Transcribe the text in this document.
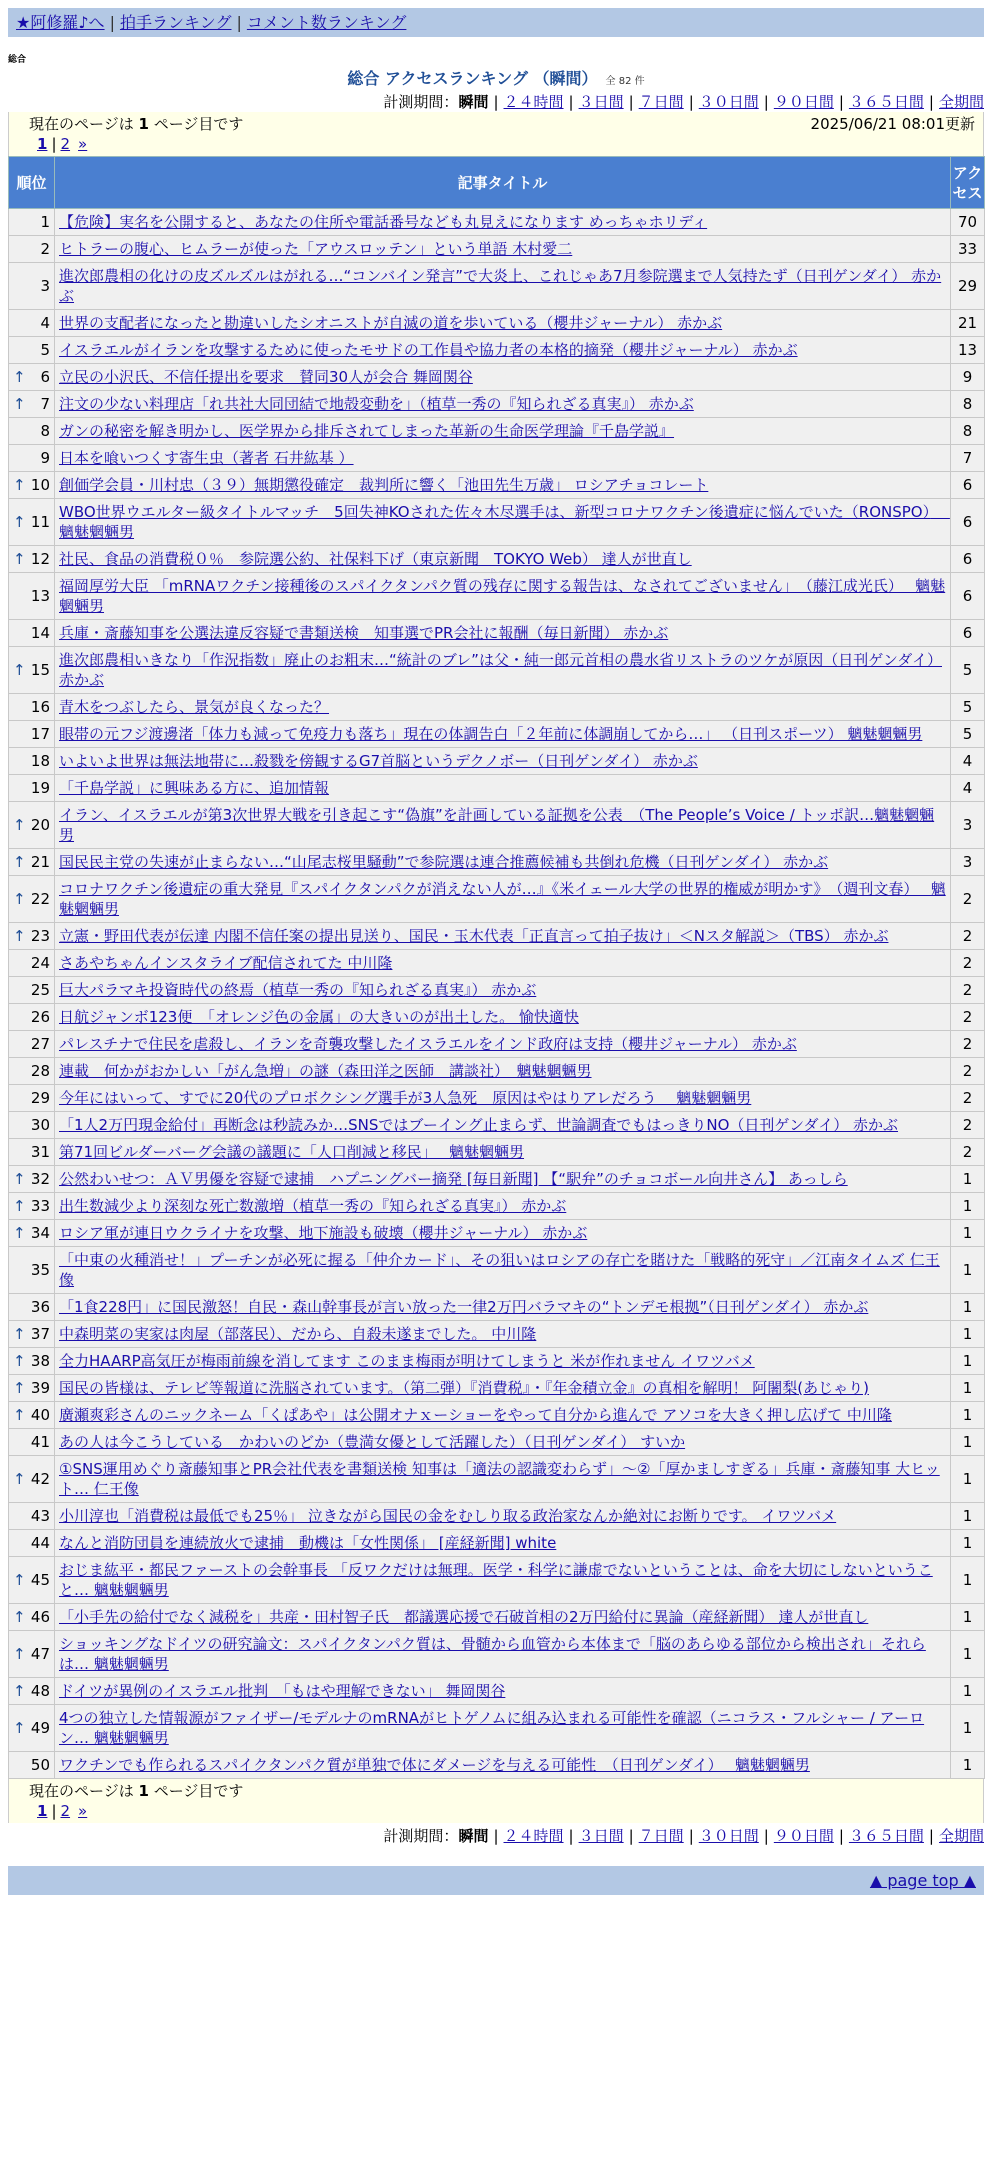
★阿修羅♪へ | 拍手ランキング | コメント数ランキング
総合
総合 アクセスランキング （瞬間） 全 82 件
計測期間：瞬間 | ２４時間 | ３日間 | ７日間 | ３０日間 | ９０日間 | ３６５日間 | 全期間
現在のページは 1 ページ目です	2025/06/21 08:01更新
1 | 2 »
順位	記事タイトル	アクセス
1	【危険】実名を公開すると、あなたの住所や電話番号なども丸見えになります めっちゃホリディ	70
2	ヒトラーの腹心、ヒムラーが使った「アウスロッテン」という単語 木村愛二	33
3	進次郎農相の化けの皮ズルズルはがれる…“コンバイン発言”で大炎上、これじゃあ7月参院選まで人気持たず（日刊ゲンダイ） 赤かぶ	29
4	世界の支配者になったと勘違いしたシオニストが自滅の道を歩いている（櫻井ジャーナル） 赤かぶ	21
5	イスラエルがイランを攻撃するために使ったモサドの工作員や協力者の本格的摘発（櫻井ジャーナル） 赤かぶ	13

↑ 6	立民の小沢氏、不信任提出を要求　賛同30人が会合 舞岡関谷	9

↑ 7	注文の少ない料理店「れ共社大同団結で地殻変動を」（植草一秀の『知られざる真実』） 赤かぶ	8
8	ガンの秘密を解き明かし、医学界から排斥されてしまった革新の生命医学理論『千島学説』	8
9	日本を喰いつくす寄生虫（著者 石井紘基 ）	7

↑ 10	創価学会員・川村忠（３９）無期懲役確定　裁判所に響く「池田先生万歳」 ロシアチョコレート	6

↑ 11	WBO世界ウエルター級タイトルマッチ　5回失神KOされた佐々木尽選手は、新型コロナワクチン後遺症に悩んでいた（RONSPO）　 魑魅魍魎男	6

↑ 12	社民、食品の消費税０％　参院選公約、社保料下げ（東京新聞　TOKYO Web） 達人が世直し	6
13	福岡厚労大臣 「mRNAワクチン接種後のスパイクタンパク質の残存に関する報告は、なされてございません」　（藤江成光氏）　 魑魅魍魎男	6
14	兵庫・斎藤知事を公選法違反容疑で書類送検　知事選でPR会社に報酬（毎日新聞） 赤かぶ	6

↑ 15	進次郎農相いきなり「作況指数」廃止のお粗末…“統計のブレ”は父・純一郎元首相の農水省リストラのツケが原因（日刊ゲンダイ） 赤かぶ	5
16	青木をつぶしたら、景気が良くなった？	5
17	眼帯の元フジ渡邊渚「体力も減って免疫力も落ち」現在の体調告白「２年前に体調崩してから…」 （日刊スポーツ） 魑魅魍魎男	5
18	いよいよ世界は無法地帯に…殺戮を傍観するG7首脳というデクノボー（日刊ゲンダイ） 赤かぶ	4
19	「千島学説」に興味ある方に、追加情報	4

↑ 20	イラン、イスラエルが第3次世界大戦を引き起こす“偽旗”を計画している証拠を公表　（The People’s Voice / トッポ訳…魑魅魍魎男	3

↑ 21	国民民主党の失速が止まらない…“山尾志桜里騒動”で参院選は連合推薦候補も共倒れ危機（日刊ゲンダイ） 赤かぶ	3

↑ 22	コロナワクチン後遺症の重大発見『スパイクタンパクが消えない人が…』《米イェール大学の世界的権威が明かす》　（週刊文春）　 魑魅魍魎男	2

↑ 23	立憲・野田代表が伝達 内閣不信任案の提出見送り、国民・玉木代表「正直言って拍子抜け」＜Nスタ解説＞（TBS） 赤かぶ	2
24	さあやちゃんインスタライブ配信されてた 中川隆	2
25	巨大パラマキ投資時代の終焉（植草一秀の『知られざる真実』） 赤かぶ	2
26	日航ジャンボ123便　「オレンジ色の金属」の大きいのが出土した。 愉快適快	2
27	パレスチナで住民を虐殺し、イランを奇襲攻撃したイスラエルをインド政府は支持（櫻井ジャーナル） 赤かぶ	2
28	連載　何かがおかしい「がん急増」の謎（森田洋之医師　講談社）　魑魅魍魎男	2
29	今年にはいって、すでに20代のプロボクシング選手が3人急死　原因はやはりアレだろう　 魑魅魍魎男	2
30	「1人2万円現金給付」再断念は秒読みか…SNSではブーイング止まらず、世論調査でもはっきりNO（日刊ゲンダイ） 赤かぶ	2
31	第71回ビルダーバーグ会議の議題に「人口削減と移民」　 魑魅魍魎男	2

↑ 32	公然わいせつ：ＡＶ男優を容疑で逮捕　ハプニングバー摘発 [毎日新聞] 【“駅弁”のチョコボール向井さん】 あっしら	1

↑ 33	出生数減少より深刻な死亡数激増（植草一秀の『知られざる真実』） 赤かぶ	1

↑ 34	ロシア軍が連日ウクライナを攻撃、地下施設も破壊（櫻井ジャーナル） 赤かぶ	1
35	「中東の火種消せ！」プーチンが必死に握る「仲介カード」、その狙いはロシアの存亡を賭けた「戦略的死守」／江南タイムズ 仁王像	1
36	「1食228円」に国民激怒！自民・森山幹事長が言い放った一律2万円バラマキの“トンデモ根拠”（日刊ゲンダイ） 赤かぶ	1

↑ 37	中森明菜の実家は肉屋（部落民）、だから、自殺未遂までした。 中川隆	1

↑ 38	全力HAARP高気圧が梅雨前線を消してます このまま梅雨が明けてしまうと 米が作れません イワツバメ	1

↑ 39	国民の皆様は、テレビ等報道に洗脳されています。（第二弾）『消費税』・『年金積立金』の真相を解明！ 阿闍梨(あじゃり)	1

↑ 40	廣瀬爽彩さんのニックネーム「くぱあや」は公開オナｘーショーをやって自分から進んで アソコを大きく押し広げて 中川隆	1
41	あの人は今こうしている　かわいのどか（豊満女優として活躍した）（日刊ゲンダイ） すいか	1

↑ 42	①SNS運用めぐり斎藤知事とPR会社代表を書類送検 知事は「適法の認識変わらず」～②「厚かましすぎる」兵庫・斎藤知事 大ヒット… 仁王像	1
43	小川淳也「消費税は最低でも25％」 泣きながら国民の金をむしり取る政治家なんか絶対にお断りです。 イワツバメ	1
44	なんと消防団員を連続放火で逮捕　動機は「女性関係」 [産経新聞] white	1

↑ 45	おじま紘平・都民ファーストの会幹事長 「反ワクだけは無理。医学・科学に謙虚でないということは、命を大切にしないということ… 魑魅魍魎男	1

↑ 46	「小手先の給付でなく減税を」共産・田村智子氏　都議選応援で石破首相の2万円給付に異論（産経新聞） 達人が世直し	1

↑ 47	ショッキングなドイツの研究論文：スパイクタンパク質は、骨髄から血管から本体まで「脳のあらゆる部位から検出され」それらは… 魑魅魍魎男	1

↑ 48	ドイツが異例のイスラエル批判　「もはや理解できない」 舞岡関谷	1

↑ 49	4つの独立した情報源がファイザー/モデルナのmRNAがヒトゲノムに組み込まれる可能性を確認（ニコラス・フルシャー / アーロン… 魑魅魍魎男	1
50	ワクチンでも作られるスパイクタンパク質が単独で体にダメージを与える可能性　（日刊ゲンダイ）　 魑魅魍魎男	1
現在のページは 1 ページ目です
1 | 2 »
計測期間：瞬間 | ２４時間 | ３日間 | ７日間 | ３０日間 | ９０日間 | ３６５日間 | 全期間
▲ page top ▲
